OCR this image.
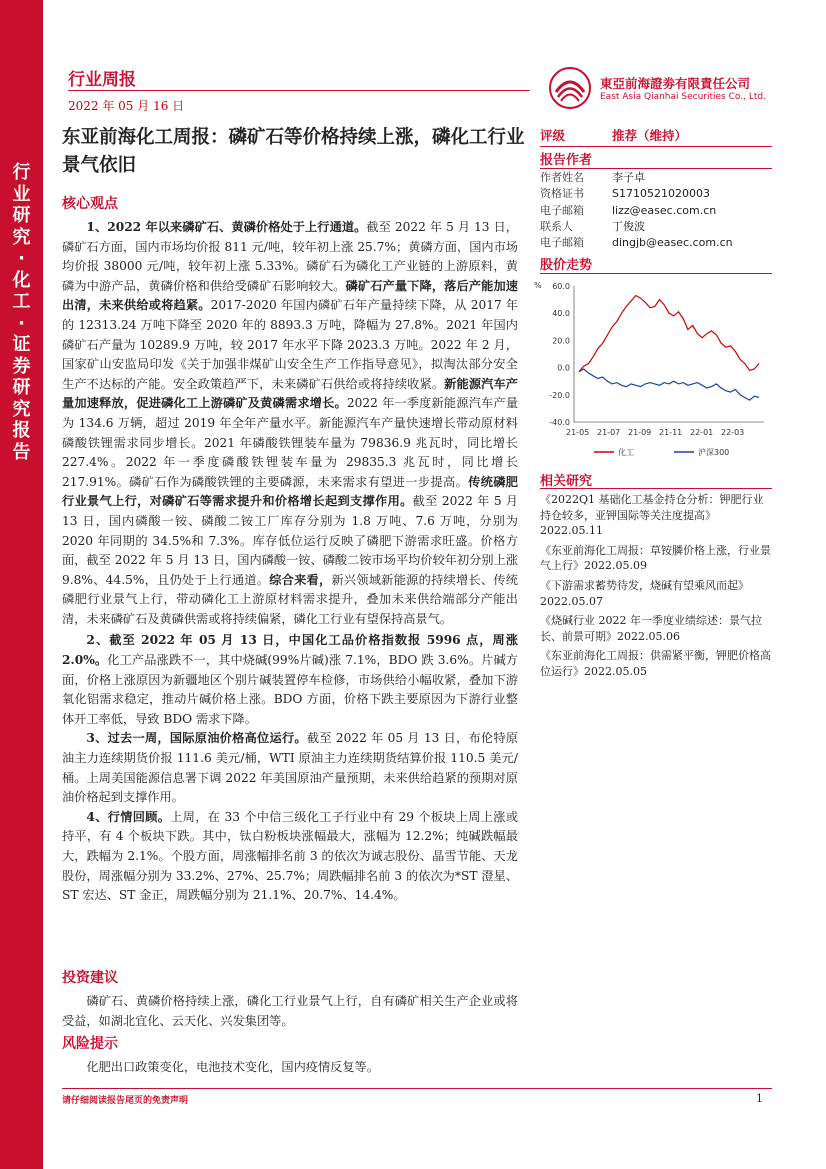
行
业
研
究
·
化
工
·
证
券
研
究
报
告
行业周报
2022 年 05 月 16 日
東亞前海證劵有限責任公司
East Asia Qianhai Securities Co., Ltd.
东亚前海化工周报：磷矿石等价格持续上涨，磷化工行业景气依旧
核心观点

1、2022 年以来磷矿石、黄磷价格处于上行通道。截至 2022 年 5 月 13 日，磷矿石方面，国内市场均价报 811 元/吨，较年初上涨 25.7%；黄磷方面，国内市场均价报 38000 元/吨，较年初上涨 5.33%。磷矿石为磷化工产业链的上游原料，黄磷为中游产品，黄磷价格和供给受磷矿石影响较大。磷矿石产量下降，落后产能加速出清，未来供给或将趋紧。2017-2020 年国内磷矿石年产量持续下降，从 2017 年的 12313.24 万吨下降至 2020 年的 8893.3 万吨，降幅为 27.8%。2021 年国内磷矿石产量为 10289.9 万吨，较 2017 年水平下降 2023.3 万吨。2022 年 2 月，国家矿山安监局印发《关于加强非煤矿山安全生产工作指导意见》，拟淘汰部分安全生产不达标的产能。安全政策趋严下，未来磷矿石供给或将持续收紧。新能源汽车产量加速释放，促进磷化工上游磷矿及黄磷需求增长。2022 年一季度新能源汽车产量为 134.6 万辆，超过 2019 年全年产量水平。新能源汽车产量快速增长带动原材料磷酸铁锂需求同步增长。2021 年磷酸铁锂装车量为 79836.9 兆瓦时，同比增长 227.4%。2022 年一季度磷酸铁锂装车量为 29835.3 兆瓦时，同比增长 217.91%。磷矿石作为磷酸铁锂的主要磷源，未来需求有望进一步提高。传统磷肥行业景气上行，对磷矿石等需求提升和价格增长起到支撑作用。截至 2022 年 5 月 13 日，国内磷酸一铵、磷酸二铵工厂库存分别为 1.8 万吨、7.6 万吨，分别为 2020 年同期的 34.5%和 7.3%。库存低位运行反映了磷肥下游需求旺盛。价格方面，截至 2022 年 5 月 13 日，国内磷酸一铵、磷酸二铵市场平均价较年初分别上涨 9.8%、44.5%，且仍处于上行通道。综合来看，新兴领域新能源的持续增长、传统磷肥行业景气上行，带动磷化工上游原材料需求提升，叠加未来供给端部分产能出清，未来磷矿石及黄磷供需或将持续偏紧，磷化工行业有望保持高景气。

2、截至 2022 年 05 月 13 日，中国化工品价格指数报 5996 点，周涨 2.0%。化工产品涨跌不一，其中烧碱(99%片碱)涨 7.1%，BDO 跌 3.6%。片碱方面，价格上涨原因为新疆地区个别片碱装置停车检修，市场供给小幅收紧，叠加下游氧化铝需求稳定，推动片碱价格上涨。BDO 方面，价格下跌主要原因为下游行业整体开工率低，导致 BDO 需求下降。

3、过去一周，国际原油价格高位运行。截至 2022 年 05 月 13 日，布伦特原油主力连续期货价报 111.6 美元/桶，WTI 原油主力连续期货结算价报 110.5 美元/桶。上周美国能源信息署下调 2022 年美国原油产量预期，未来供给趋紧的预期对原油价格起到支撑作用。

4、行情回顾。上周，在 33 个中信三级化工子行业中有 29 个板块上周上涨或持平，有 4 个板块下跌。其中，钛白粉板块涨幅最大，涨幅为 12.2%；纯碱跌幅最大，跌幅为 2.1%。个股方面，周涨幅排名前 3 的依次为诚志股份、晶雪节能、天龙股份，周涨幅分别为 33.2%、27%、25.7%；周跌幅排名前 3 的依次为*ST 澄星、ST 宏达、ST 金正，周跌幅分别为 21.1%、20.7%、14.4%。

投资建议

磷矿石、黄磷价格持续上涨，磷化工行业景气上行，自有磷矿相关生产企业或将受益，如湖北宜化、云天化、兴发集团等。

风险提示

化肥出口政策变化，电池技术变化，国内疫情反复等。

评级	推荐（维持）
报告作者
作者姓名	李子卓
资格证书	S1710521020003
电子邮箱	lizz@easec.com.cn
联系人	丁俊波
电子邮箱	dingjb@easec.com.cn
股价走势
% 60.0
40.0
20.0
0.0
-20.0
-40.0
21-05 21-07 21-09 21-11 22-01 22-03
化工	沪深300
相关研究

《2022Q1 基础化工基金持仓分析：钾肥行业持仓较多，亚钾国际等关注度提高》2022.05.11

《东亚前海化工周报：草铵膦价格上涨，行业景气上行》2022.05.09

《下游需求蓄势待发，烧碱有望乘风而起》2022.05.07

《烧碱行业 2022 年一季度业绩综述：景气拉长、前景可期》2022.05.06

《东亚前海化工周报：供需紧平衡，钾肥价格高位运行》2022.05.05

请仔细阅读报告尾页的免责声明	1
